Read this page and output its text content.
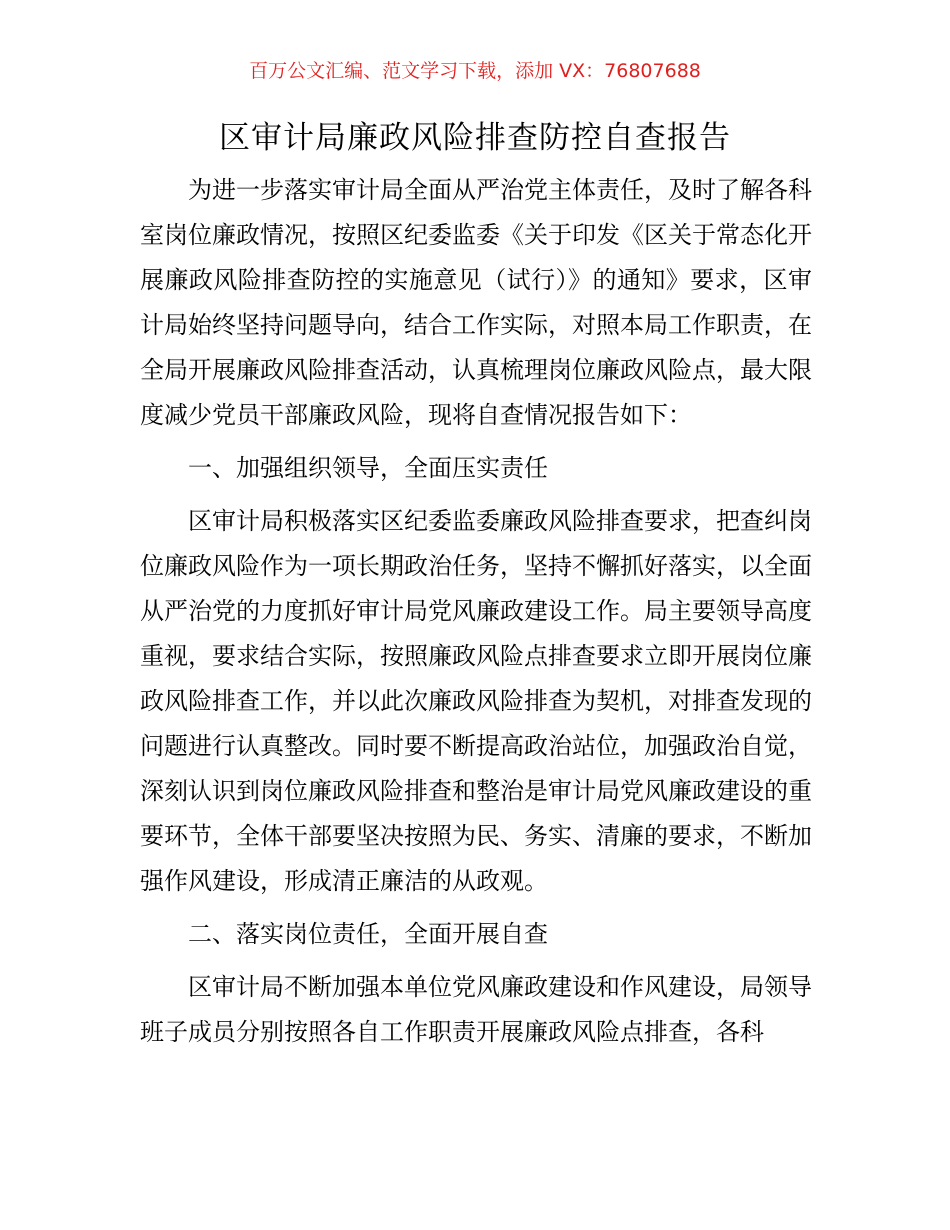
百万公文汇编、范文学习下载，添加 VX：76807688
区审计局廉政风险排查防控自查报告

为进一步落实审计局全面从严治党主体责任，及时了解各科室岗位廉政情况，按照区纪委监委《关于印发《区关于常态化开展廉政风险排查防控的实施意见（试行）》的通知》要求，区审计局始终坚持问题导向，结合工作实际，对照本局工作职责，在全局开展廉政风险排查活动，认真梳理岗位廉政风险点，最大限度减少党员干部廉政风险，现将自查情况报告如下：

一、加强组织领导，全面压实责任

区审计局积极落实区纪委监委廉政风险排查要求，把查纠岗位廉政风险作为一项长期政治任务，坚持不懈抓好落实，以全面从严治党的力度抓好审计局党风廉政建设工作。局主要领导高度重视，要求结合实际，按照廉政风险点排查要求立即开展岗位廉政风险排查工作，并以此次廉政风险排查为契机，对排查发现的问题进行认真整改。同时要不断提高政治站位，加强政治自觉，深刻认识到岗位廉政风险排查和整治是审计局党风廉政建设的重要环节，全体干部要坚决按照为民、务实、清廉的要求，不断加强作风建设，形成清正廉洁的从政观。

二、落实岗位责任，全面开展自查

区审计局不断加强本单位党风廉政建设和作风建设，局领导班子成员分别按照各自工作职责开展廉政风险点排查，各科
